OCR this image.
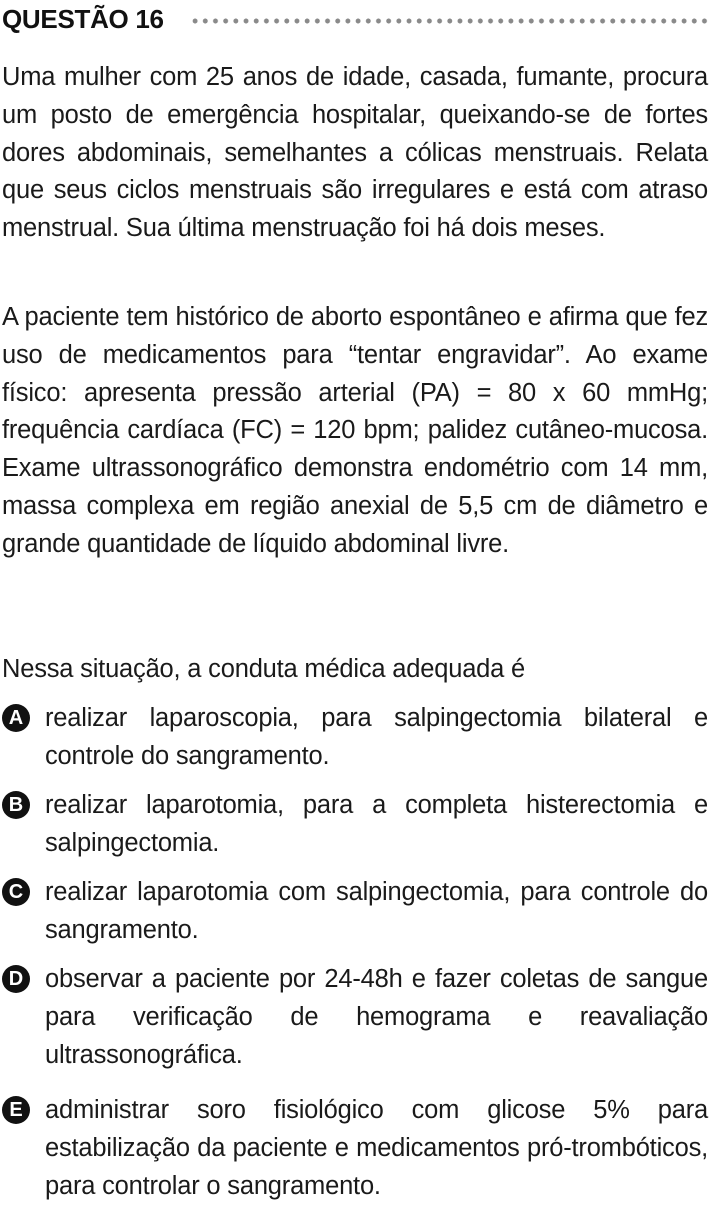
QUESTÃO 16

Uma mulher com 25 anos de idade, casada, fumante, procura um posto de emergência hospitalar, queixando-se de fortes dores abdominais, semelhantes a cólicas menstruais. Relata que seus ciclos menstruais são irregulares e está com atraso menstrual. Sua última menstruação foi há dois meses.

A paciente tem histórico de aborto espontâneo e afirma que fez uso de medicamentos para “tentar engravidar”. Ao exame físico: apresenta pressão arterial (PA) = 80 x 60 mmHg; frequência cardíaca (FC) = 120 bpm; palidez cutâneo-mucosa. Exame ultrassonográfico demonstra endométrio com 14 mm, massa complexa em região anexial de 5,5 cm de diâmetro e grande quantidade de líquido abdominal livre.

Nessa situação, a conduta médica adequada é

A realizar laparoscopia, para salpingectomia bilateral e controle do sangramento.
B realizar laparotomia, para a completa histerectomia e salpingectomia.
C realizar laparotomia com salpingectomia, para controle do sangramento.
D observar a paciente por 24-48h e fazer coletas de sangue para verificação de hemograma e reavaliação ultrassonográfica.
E administrar soro fisiológico com glicose 5% para estabilização da paciente e medicamentos pró-trombóticos, para controlar o sangramento.
